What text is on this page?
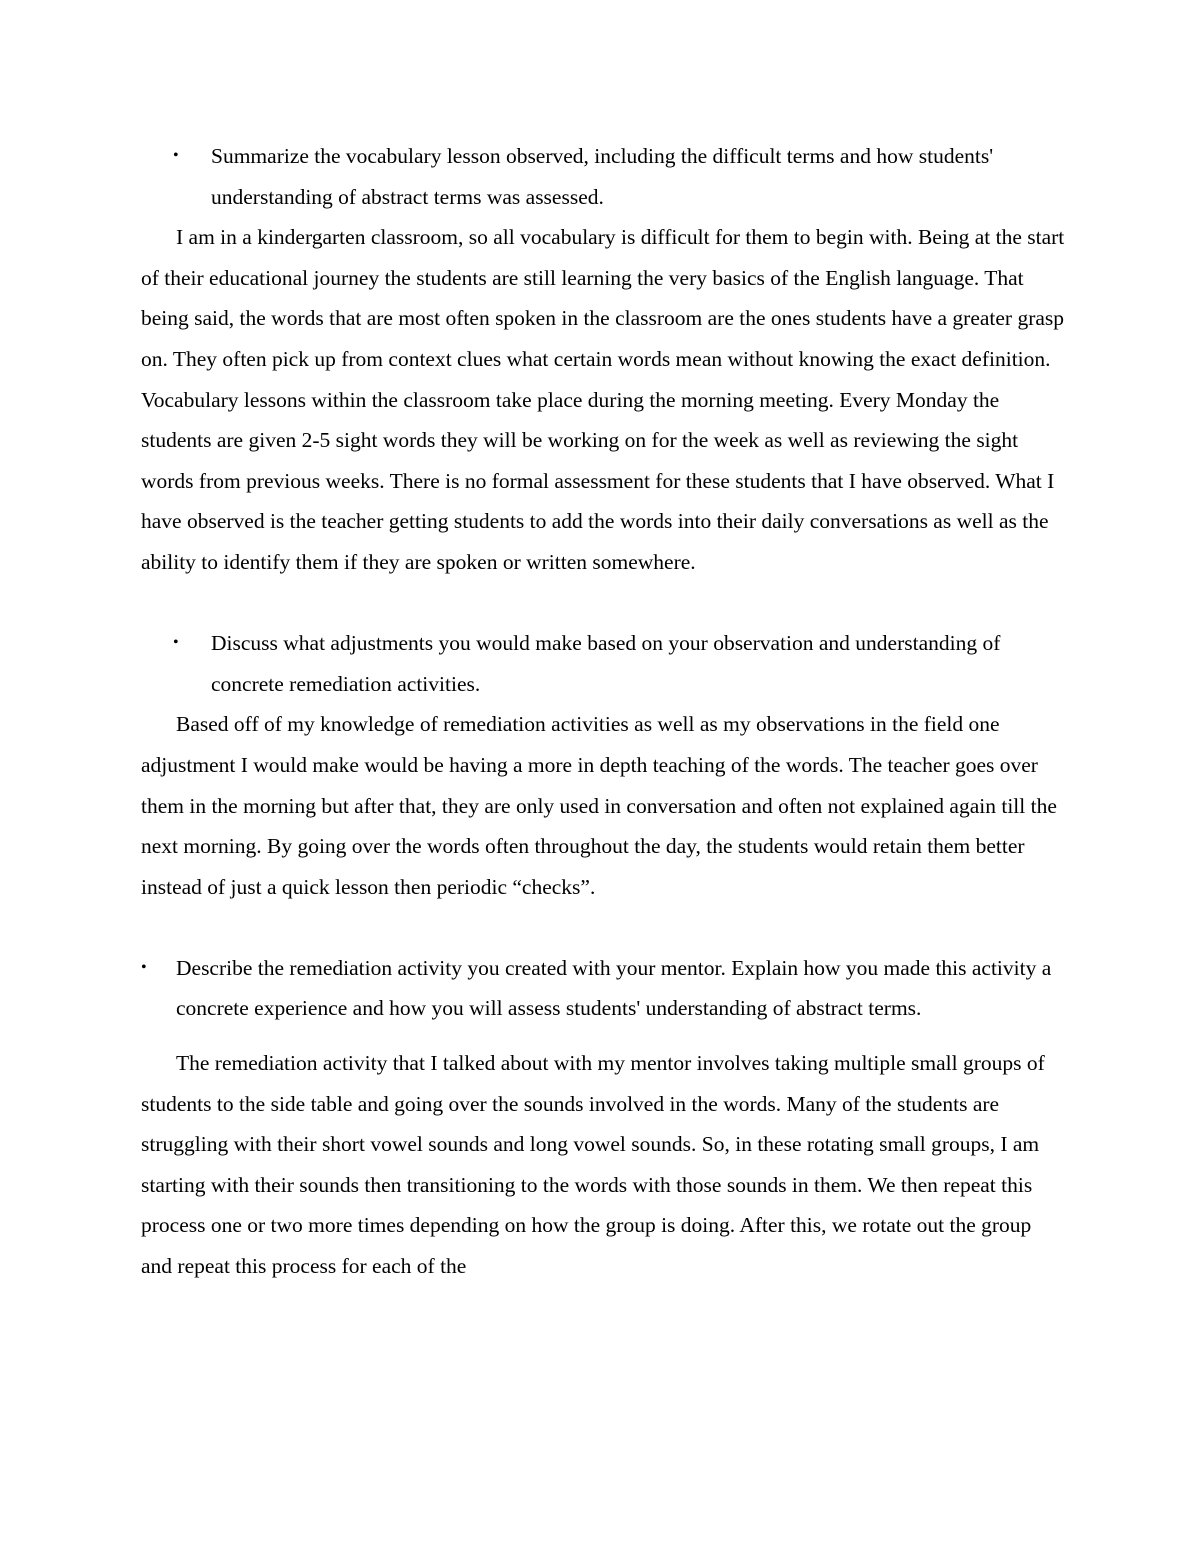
• Summarize the vocabulary lesson observed, including the difficult terms and how students' understanding of abstract terms was assessed.

I am in a kindergarten classroom, so all vocabulary is difficult for them to begin with. Being at the start of their educational journey the students are still learning the very basics of the English language. That being said, the words that are most often spoken in the classroom are the ones students have a greater grasp on. They often pick up from context clues what certain words mean without knowing the exact definition. Vocabulary lessons within the classroom take place during the morning meeting. Every Monday the students are given 2-5 sight words they will be working on for the week as well as reviewing the sight words from previous weeks. There is no formal assessment for these students that I have observed. What I have observed is the teacher getting students to add the words into their daily conversations as well as the ability to identify them if they are spoken or written somewhere.

• Discuss what adjustments you would make based on your observation and understanding of concrete remediation activities.

Based off of my knowledge of remediation activities as well as my observations in the field one adjustment I would make would be having a more in depth teaching of the words. The teacher goes over them in the morning but after that, they are only used in conversation and often not explained again till the next morning. By going over the words often throughout the day, the students would retain them better instead of just a quick lesson then periodic “checks”.

• Describe the remediation activity you created with your mentor. Explain how you made this activity a concrete experience and how you will assess students' understanding of abstract terms.

The remediation activity that I talked about with my mentor involves taking multiple small groups of students to the side table and going over the sounds involved in the words. Many of the students are struggling with their short vowel sounds and long vowel sounds. So, in these rotating small groups, I am starting with their sounds then transitioning to the words with those sounds in them. We then repeat this process one or two more times depending on how the group is doing. After this, we rotate out the group and repeat this process for each of the
